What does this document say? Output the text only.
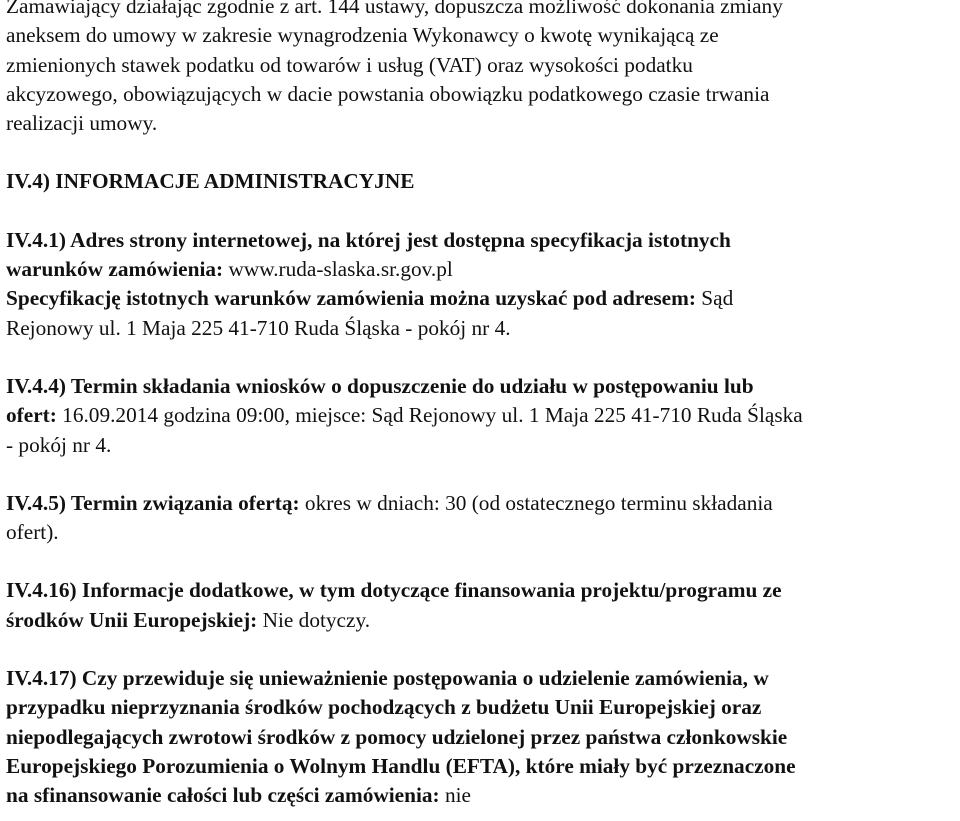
Zamawiający działając zgodnie z art. 144 ustawy, dopuszcza możliwość dokonania zmiany
aneksem do umowy w zakresie wynagrodzenia Wykonawcy o kwotę wynikającą ze
zmienionych stawek podatku od towarów i usług (VAT) oraz wysokości podatku
akcyzowego, obowiązujących w dacie powstania obowiązku podatkowego czasie trwania
realizacji umowy.
IV.4) INFORMACJE ADMINISTRACYJNE
IV.4.1) Adres strony internetowej, na której jest dostępna specyfikacja istotnych
warunków zamówienia: www.ruda-slaska.sr.gov.pl
Specyfikację istotnych warunków zamówienia można uzyskać pod adresem: Sąd
Rejonowy ul. 1 Maja 225 41-710 Ruda Śląska - pokój nr 4.
IV.4.4) Termin składania wniosków o dopuszczenie do udziału w postępowaniu lub
ofert: 16.09.2014 godzina 09:00, miejsce: Sąd Rejonowy ul. 1 Maja 225 41-710 Ruda Śląska
- pokój nr 4.
IV.4.5) Termin związania ofertą: okres w dniach: 30 (od ostatecznego terminu składania
ofert).
IV.4.16) Informacje dodatkowe, w tym dotyczące finansowania projektu/programu ze
środków Unii Europejskiej: Nie dotyczy.
IV.4.17) Czy przewiduje się unieważnienie postępowania o udzielenie zamówienia, w
przypadku nieprzyznania środków pochodzących z budżetu Unii Europejskiej oraz
niepodlegających zwrotowi środków z pomocy udzielonej przez państwa członkowskie
Europejskiego Porozumienia o Wolnym Handlu (EFTA), które miały być przeznaczone
na sfinansowanie całości lub części zamówienia: nie
